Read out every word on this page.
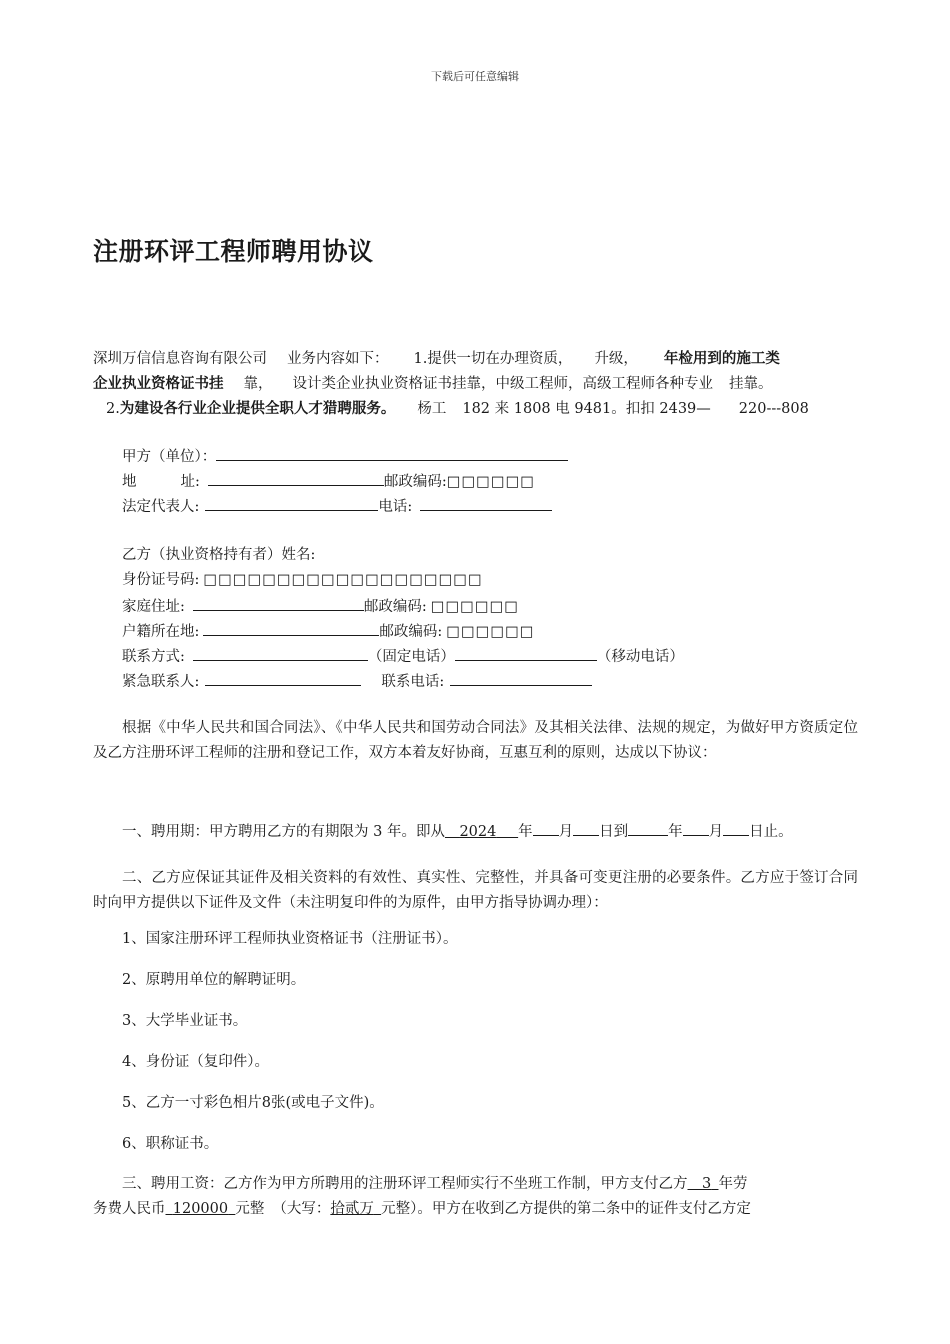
下载后可任意编辑
注册环评工程师聘用协议
深圳万信信息咨询有限公司 业务内容如下： 1.提供一切在办理资质， 升级， 年检用到的施工类
企业执业资格证书挂 靠， 设计类企业执业资格证书挂靠，中级工程师，高级工程师各种专业 挂靠。
2.为建设各行业企业提供全职人才猎聘服务。 杨工 182 来 1808 电 9481。扣扣 2439— 220---808
甲方（单位）：
地	址:	邮政编码:□□□□□□
法定代表人:	电话:
乙方（执业资格持有者）姓名:
身份证号码: □□□□□□□□□□□□□□□□□□□
家庭住址:	邮政编码: □□□□□□
户籍所在地:	邮政编码: □□□□□□
联系方式:	（固定电话）	（移动电话）
紧急联系人:	联系电话:

根据《中华人民共和国合同法》、《中华人民共和国劳动合同法》及其相关法律、法规的规定，为做好甲方资质定位及乙方注册环评工程师的注册和登记工作，双方本着友好协商，互惠互利的原则，达成以下协议：

一、聘用期：甲方聘用乙方的有期限为 3 年。即从   2024    年 月 日到	年 月 日止。

二、乙方应保证其证件及相关资料的有效性、真实性、完整性，并具备可变更注册的必要条件。乙方应于签订合同时向甲方提供以下证件及文件（未注明复印件的为原件，由甲方指导协调办理）：

1、国家注册环评工程师执业资格证书（注册证书）。
2、原聘用单位的解聘证明。
3、大学毕业证书。
4、身份证（复印件）。
5、乙方一寸彩色相片8张(或电子文件)。
6、职称证书。
三、聘用工资：乙方作为甲方所聘用的注册环评工程师实行不坐班工作制，甲方支付乙方   3  年劳
务费人民币  120000  元整 （大写：拾贰万  元整）。甲方在收到乙方提供的第二条中的证件支付乙方定
